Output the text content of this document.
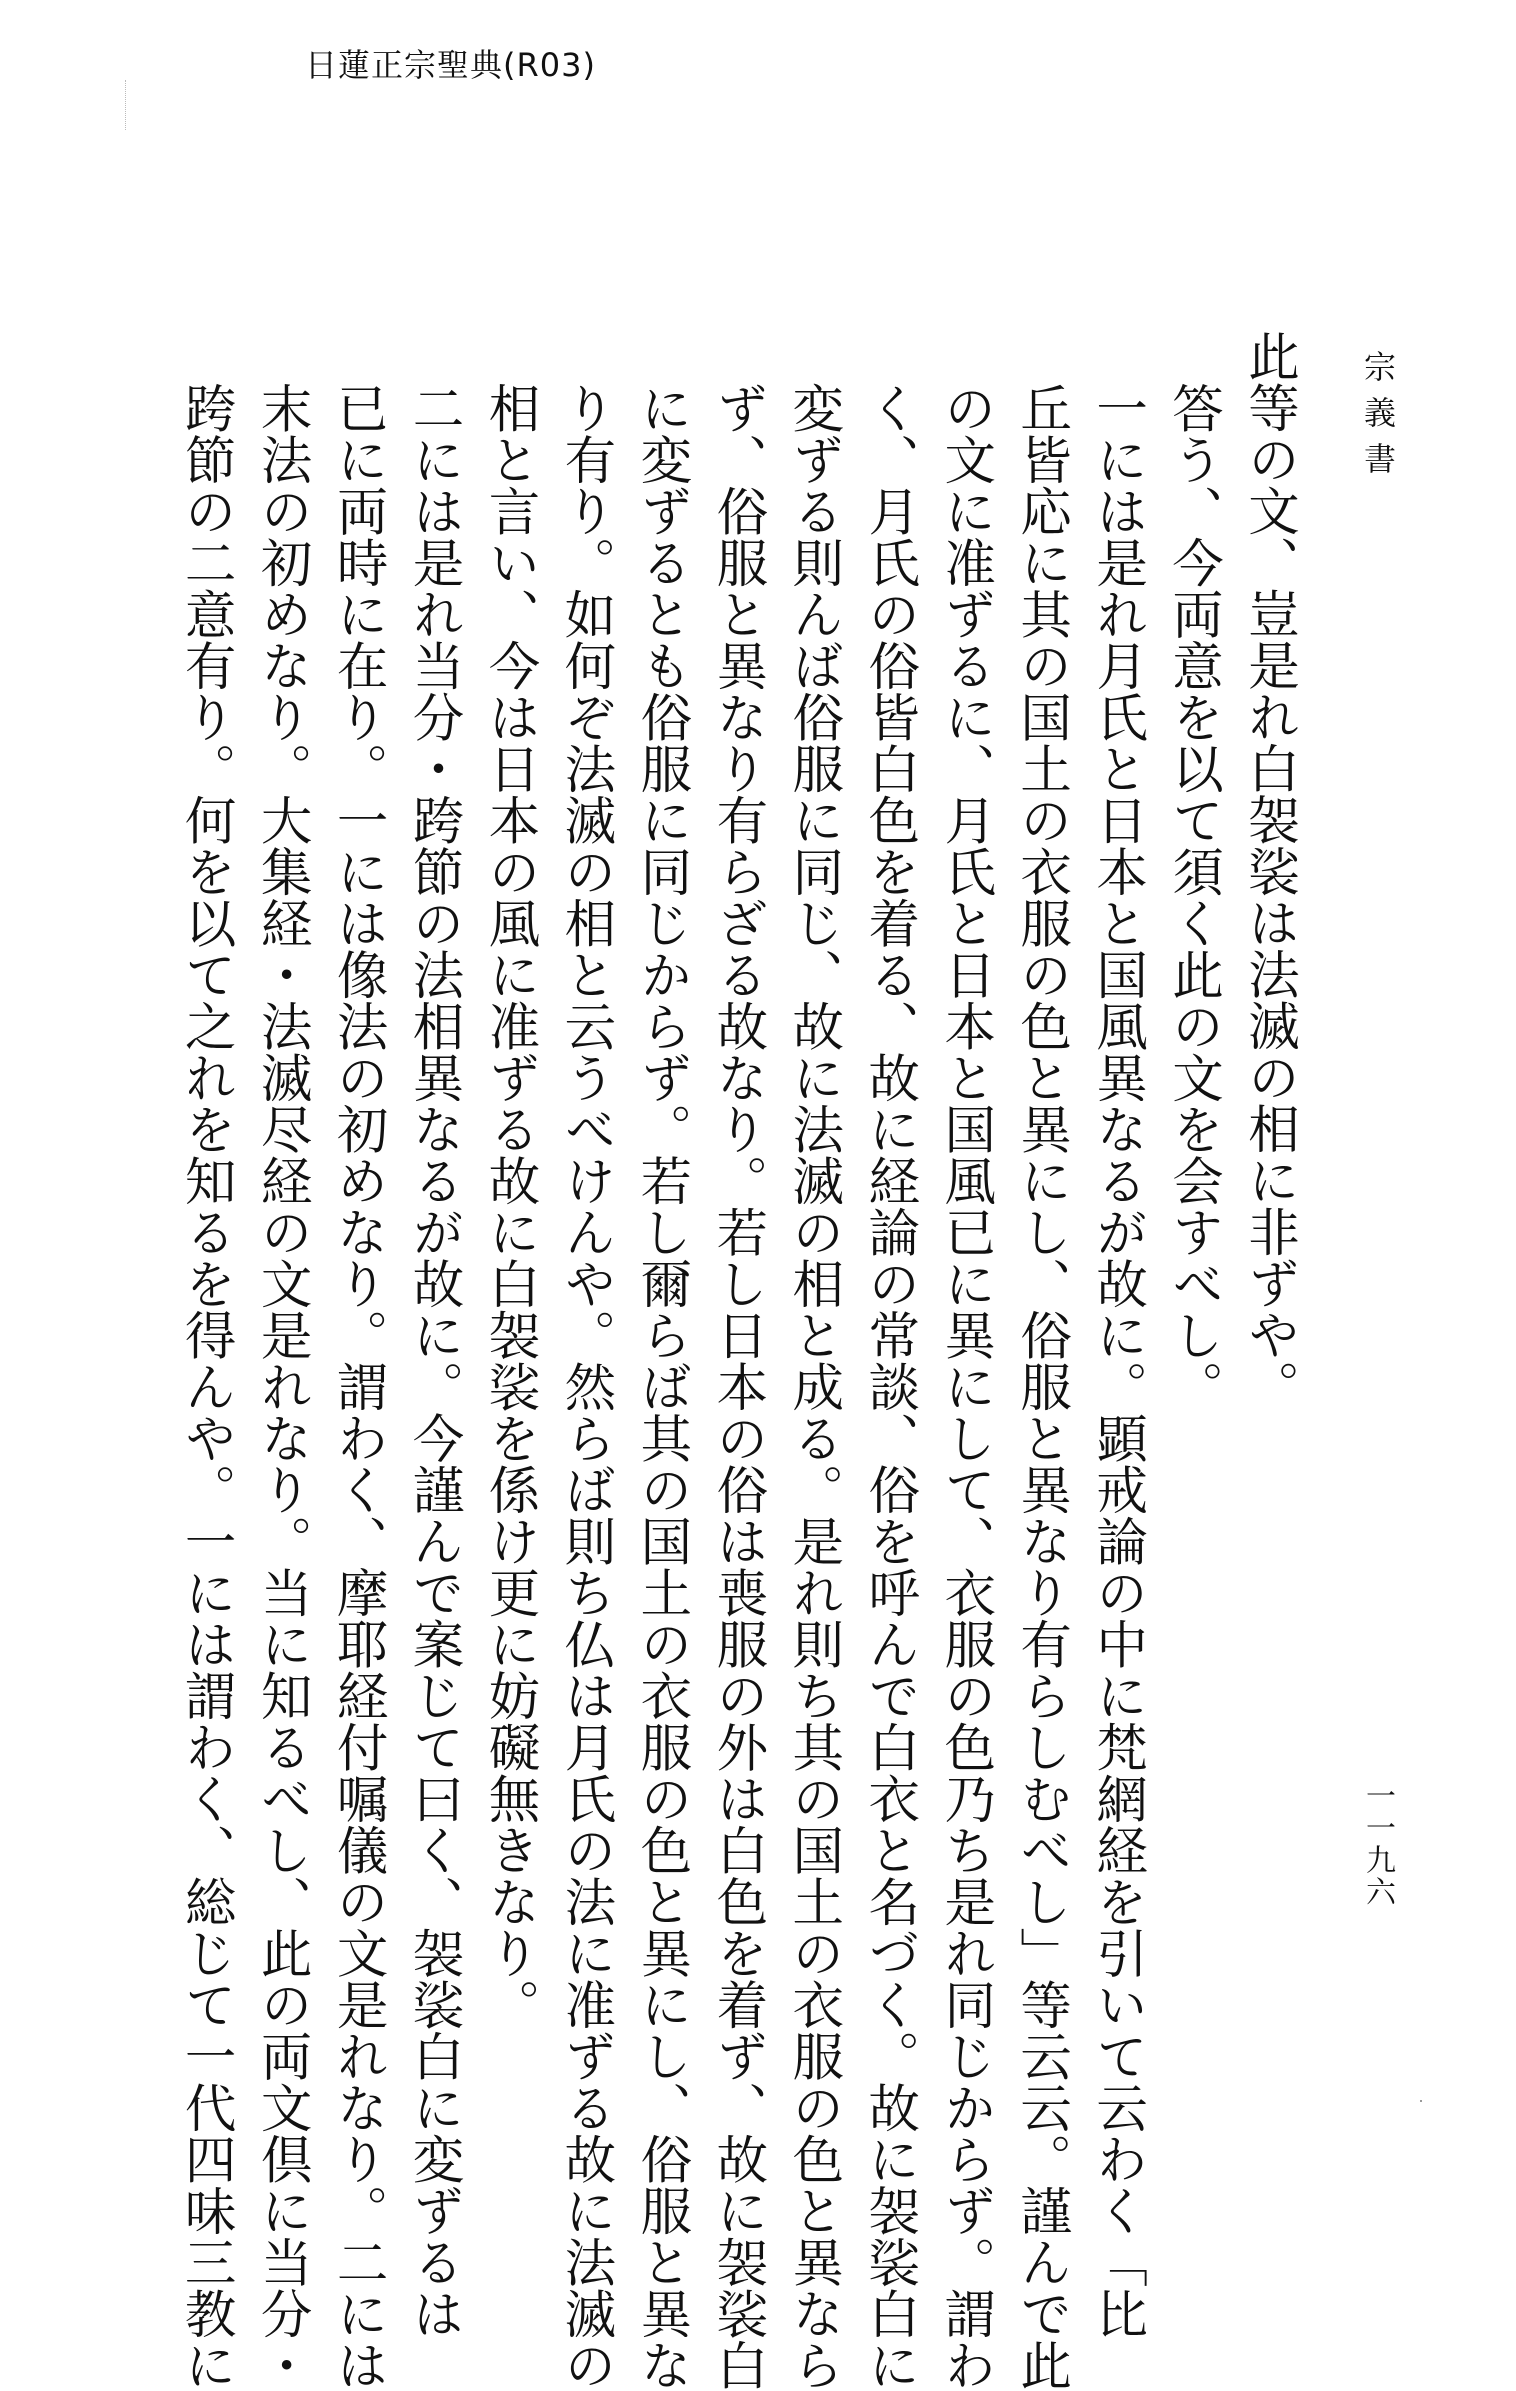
日蓮正宗聖典(R03)
宗義書

此等の文、豈是れ白袈裟は法滅の相に非ずや。

答う、今両意を以て須く此の文を会すべし。

一には是れ月氏と日本と国風異なるが故に。顕戒論の中に梵網経を引いて云わく「比
丘皆応に其の国土の衣服の色と異にし、俗服と異なり有らしむべし」等云云。謹んで此
の文に准ずるに、月氏と日本と国風已に異にして、衣服の色乃ち是れ同じからず。謂わ
く、月氏の俗皆白色を着る、故に経論の常談、俗を呼んで白衣と名づく。故に袈裟白に
変ずる則んば俗服に同じ、故に法滅の相と成る。是れ則ち其の国土の衣服の色と異なら
ず、俗服と異なり有らざる故なり。若し日本の俗は喪服の外は白色を着ず、故に袈裟白
に変ずるとも俗服に同じからず。若し爾らば其の国土の衣服の色と異にし、俗服と異な
り有り。如何ぞ法滅の相と云うべけんや。然らば則ち仏は月氏の法に准ずる故に法滅の
相と言い、今は日本の風に准ずる故に白袈裟を係け更に妨礙無きなり。

二には是れ当分・跨節の法相異なるが故に。今謹んで案じて曰く、袈裟白に変ずるは
已に両時に在り。一には像法の初めなり。謂わく、摩耶経付嘱儀の文是れなり。二には
末法の初めなり。大集経・法滅尽経の文是れなり。当に知るべし、此の両文倶に当分・
跨節の二意有り。何を以て之れを知るを得んや。一には謂わく、総じて一代四味三教に	一一九六
